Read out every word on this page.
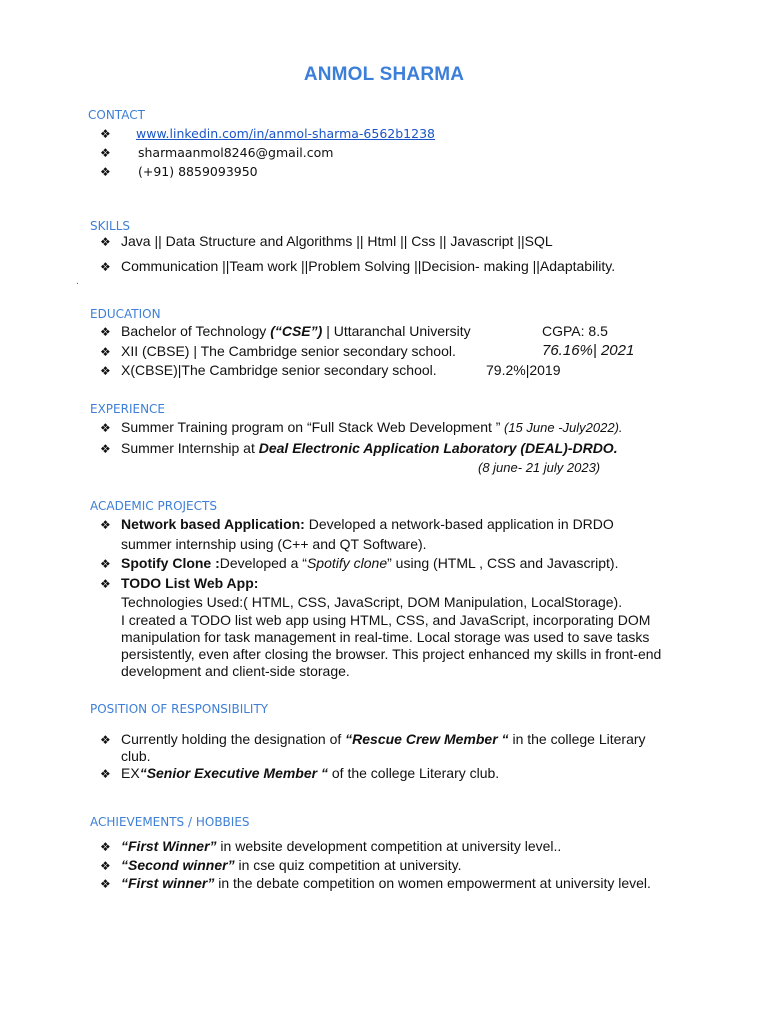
ANMOL SHARMA
CONTACT
❖ www.linkedin.com/in/anmol-sharma-6562b1238
❖ sharmaanmol8246@gmail.com
❖ (+91) 8859093950
SKILLS
❖ Java || Data Structure and Algorithms || Html || Css || Javascript ||SQL
❖ Communication ||Team work ||Problem Solving ||Decision- making ||Adaptability.
.
EDUCATION
❖ Bachelor of Technology (“CSE”) | Uttaranchal University	CGPA: 8.5
❖ XII (CBSE) | The Cambridge senior secondary school.	76.16%| 2021
❖ X(CBSE)|The Cambridge senior secondary school.	79.2%|2019
EXPERIENCE
❖ Summer Training program on “Full Stack Web Development ” (15 June -July2022).
❖ Summer Internship at Deal Electronic Application Laboratory (DEAL)-DRDO.
(8 june- 21 july 2023)
ACADEMIC PROJECTS
❖ Network based Application: Developed a network-based application in DRDO
summer internship using (C++ and QT Software).
❖ Spotify Clone :Developed a “Spotify clone” using (HTML , CSS and Javascript).
❖ TODO List Web App:
Technologies Used:( HTML, CSS, JavaScript, DOM Manipulation, LocalStorage).
I created a TODO list web app using HTML, CSS, and JavaScript, incorporating DOM
manipulation for task management in real-time. Local storage was used to save tasks
persistently, even after closing the browser. This project enhanced my skills in front-end
development and client-side storage.
POSITION OF RESPONSIBILITY
❖ Currently holding the designation of “Rescue Crew Member “ in the college Literary
club.
❖ EX“Senior Executive Member “ of the college Literary club.
ACHIEVEMENTS / HOBBIES
❖ “First Winner” in website development competition at university level..
❖ “Second winner” in cse quiz competition at university.
❖ “First winner” in the debate competition on women empowerment at university level.
